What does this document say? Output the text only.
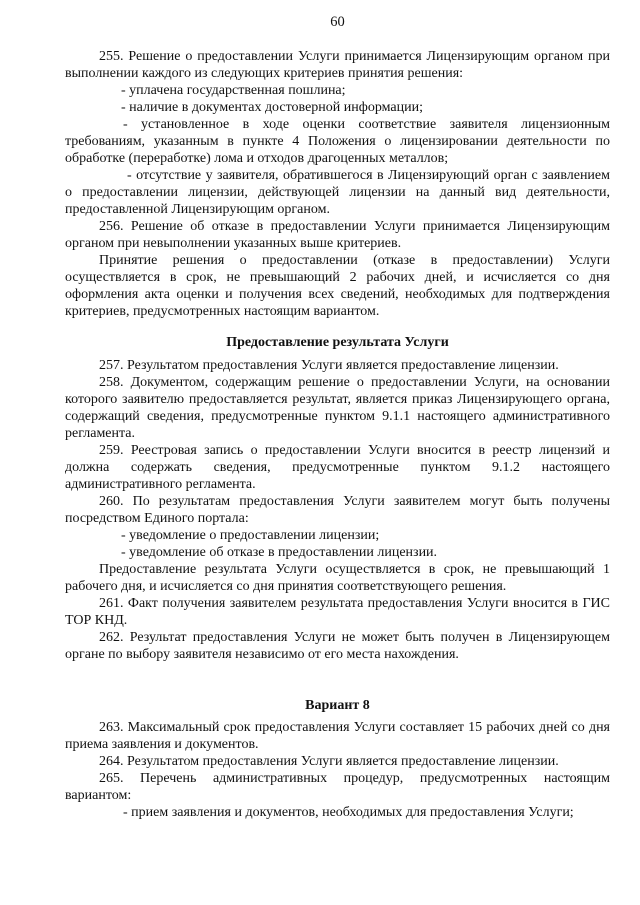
60

255. Решение о предоставлении Услуги принимается Лицензирующим органом при выполнении каждого из следующих критериев принятия решения:

- уплачена государственная пошлина;

- наличие в документах достоверной информации;

- установленное в ходе оценки соответствие заявителя лицензионным требованиям, указанным в пункте 4 Положения о лицензировании деятельности по обработке (переработке) лома и отходов драгоценных металлов;

- отсутствие у заявителя, обратившегося в Лицензирующий орган с заявлением о предоставлении лицензии, действующей лицензии на данный вид деятельности, предоставленной Лицензирующим органом.

256. Решение об отказе в предоставлении Услуги принимается Лицензирующим органом при невыполнении указанных выше критериев.

Принятие решения о предоставлении (отказе в предоставлении) Услуги осуществляется в срок, не превышающий 2 рабочих дней, и исчисляется со дня оформления акта оценки и получения всех сведений, необходимых для подтверждения критериев, предусмотренных настоящим вариантом.

Предоставление результата Услуги

257. Результатом предоставления Услуги является предоставление лицензии.

258. Документом, содержащим решение о предоставлении Услуги, на основании которого заявителю предоставляется результат, является приказ Лицензирующего органа, содержащий сведения, предусмотренные пунктом 9.1.1 настоящего административного регламента.

259. Реестровая запись о предоставлении Услуги вносится в реестр лицензий и должна содержать сведения, предусмотренные пунктом 9.1.2 настоящего административного регламента.

260. По результатам предоставления Услуги заявителем могут быть получены посредством Единого портала:

- уведомление о предоставлении лицензии;

- уведомление об отказе в предоставлении лицензии.

Предоставление результата Услуги осуществляется в срок, не превышающий 1 рабочего дня, и исчисляется со дня принятия соответствующего решения.

261. Факт получения заявителем результата предоставления Услуги вносится в ГИС ТОР КНД.

262. Результат предоставления Услуги не может быть получен в Лицензирующем органе по выбору заявителя независимо от его места нахождения.

Вариант 8

263. Максимальный срок предоставления Услуги составляет 15 рабочих дней со дня приема заявления и документов.

264. Результатом предоставления Услуги является предоставление лицензии.

265. Перечень административных процедур, предусмотренных настоящим вариантом:

- прием заявления и документов, необходимых для предоставления Услуги;
